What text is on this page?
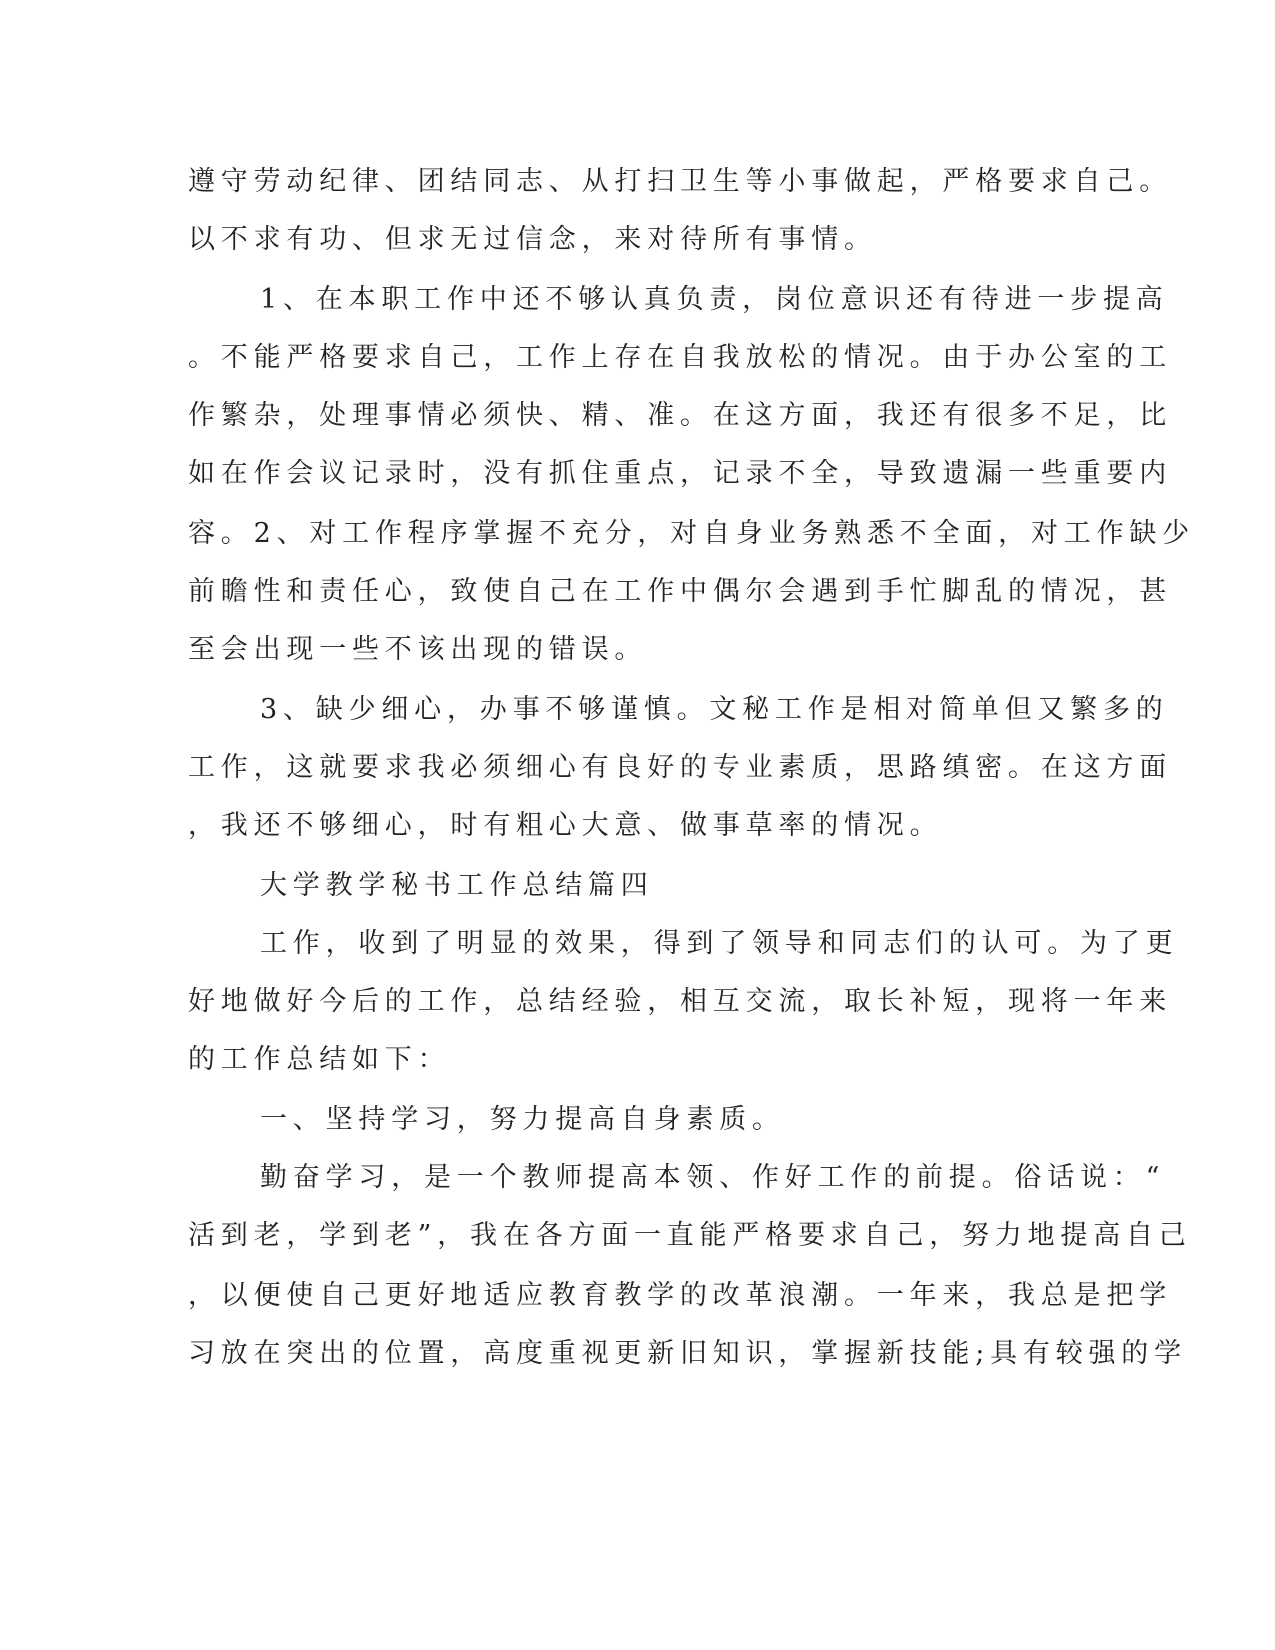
遵守劳动纪律、团结同志、从打扫卫生等小事做起，严格要求自己。
以不求有功、但求无过信念，来对待所有事情。
1、在本职工作中还不够认真负责，岗位意识还有待进一步提高
。不能严格要求自己，工作上存在自我放松的情况。由于办公室的工
作繁杂，处理事情必须快、精、准。在这方面，我还有很多不足，比
如在作会议记录时，没有抓住重点，记录不全，导致遗漏一些重要内
容。2、对工作程序掌握不充分，对自身业务熟悉不全面，对工作缺少
前瞻性和责任心，致使自己在工作中偶尔会遇到手忙脚乱的情况，甚
至会出现一些不该出现的错误。
3、缺少细心，办事不够谨慎。文秘工作是相对简单但又繁多的
工作，这就要求我必须细心有良好的专业素质，思路缜密。在这方面
，我还不够细心，时有粗心大意、做事草率的情况。
大学教学秘书工作总结篇四
工作，收到了明显的效果，得到了领导和同志们的认可。为了更
好地做好今后的工作，总结经验，相互交流，取长补短，现将一年来
的工作总结如下：
一、坚持学习，努力提高自身素质。
勤奋学习，是一个教师提高本领、作好工作的前提。俗话说：“
活到老，学到老”，我在各方面一直能严格要求自己，努力地提高自己
，以便使自己更好地适应教育教学的改革浪潮。一年来，我总是把学
习放在突出的位置，高度重视更新旧知识，掌握新技能;具有较强的学
